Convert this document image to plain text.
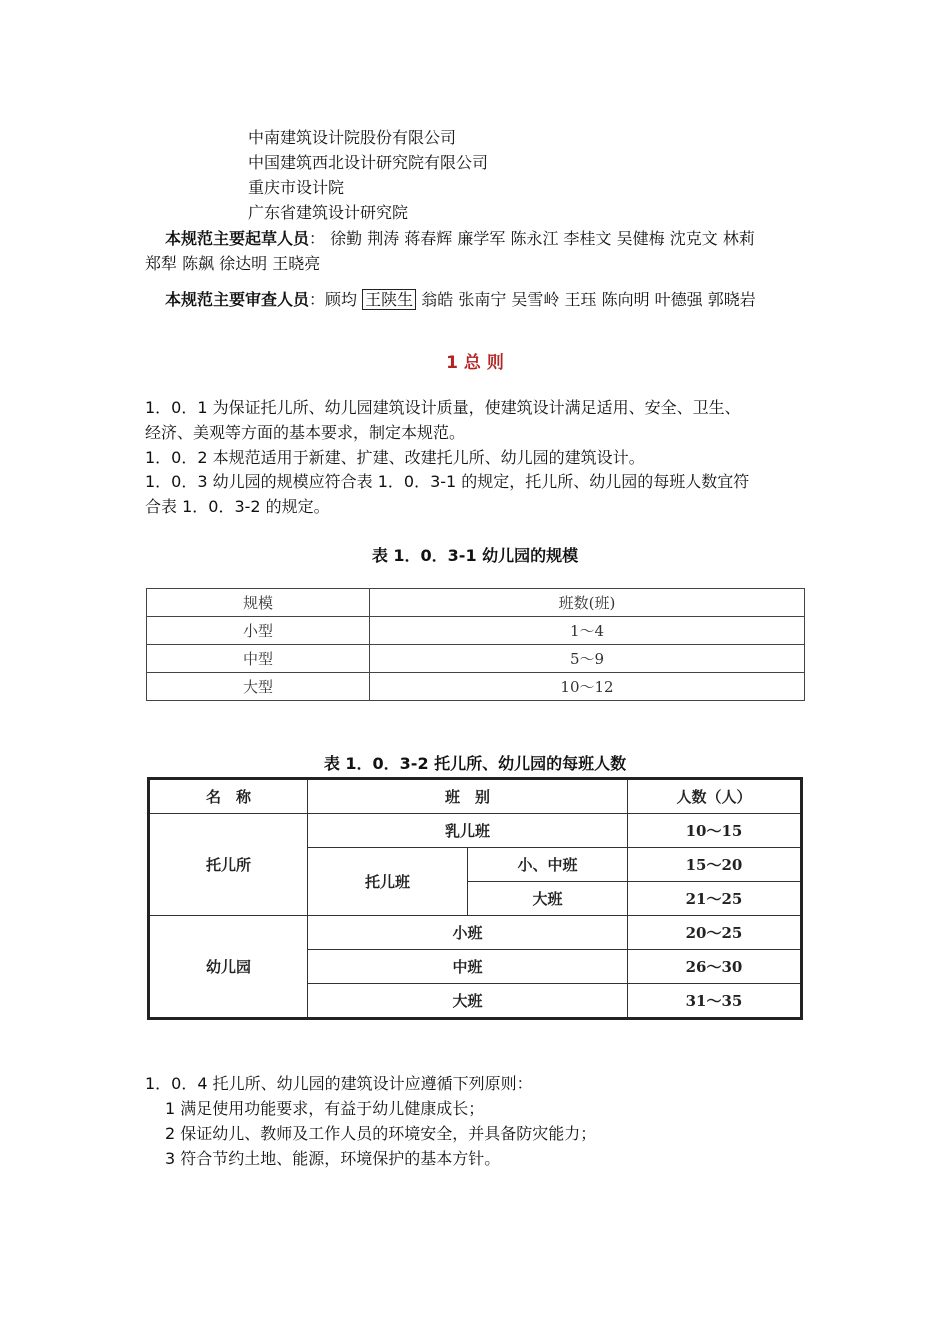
中南建筑设计院股份有限公司
中国建筑西北设计研究院有限公司
重庆市设计院
广东省建筑设计研究院
本规范主要起草人员： 徐勤 荆涛 蒋春辉 廉学军 陈永江 李桂文 吴健梅 沈克文 林莉
郑犁 陈飙 徐达明 王晓亮
本规范主要审查人员：顾均 王陕生 翁皓 张南宁 吴雪岭 王珏 陈向明 叶德强 郭晓岩
1 总 则
1．0．1 为保证托儿所、幼儿园建筑设计质量，使建筑设计满足适用、安全、卫生、
经济、美观等方面的基本要求，制定本规范。
1．0．2 本规范适用于新建、扩建、改建托儿所、幼儿园的建筑设计。
1．0．3 幼儿园的规模应符合表 1．0．3-1 的规定，托儿所、幼儿园的每班人数宜符
合表 1．0．3-2 的规定。
表 1．0．3-1 幼儿园的规模
规模	班数(班)
小型	1～4
中型	5～9
大型	10～12
表 1．0．3-2 托儿所、幼儿园的每班人数
名　称	班　别		人数（人）
托儿所	乳儿班		10～15
	托儿班	小、中班	15～20
		大班	21～25
幼儿园	小班		20～25
	中班		26～30
	大班		31～35
1．0．4 托儿所、幼儿园的建筑设计应遵循下列原则：
1 满足使用功能要求，有益于幼儿健康成长；
2 保证幼儿、教师及工作人员的环境安全，并具备防灾能力；
3 符合节约土地、能源，环境保护的基本方针。
